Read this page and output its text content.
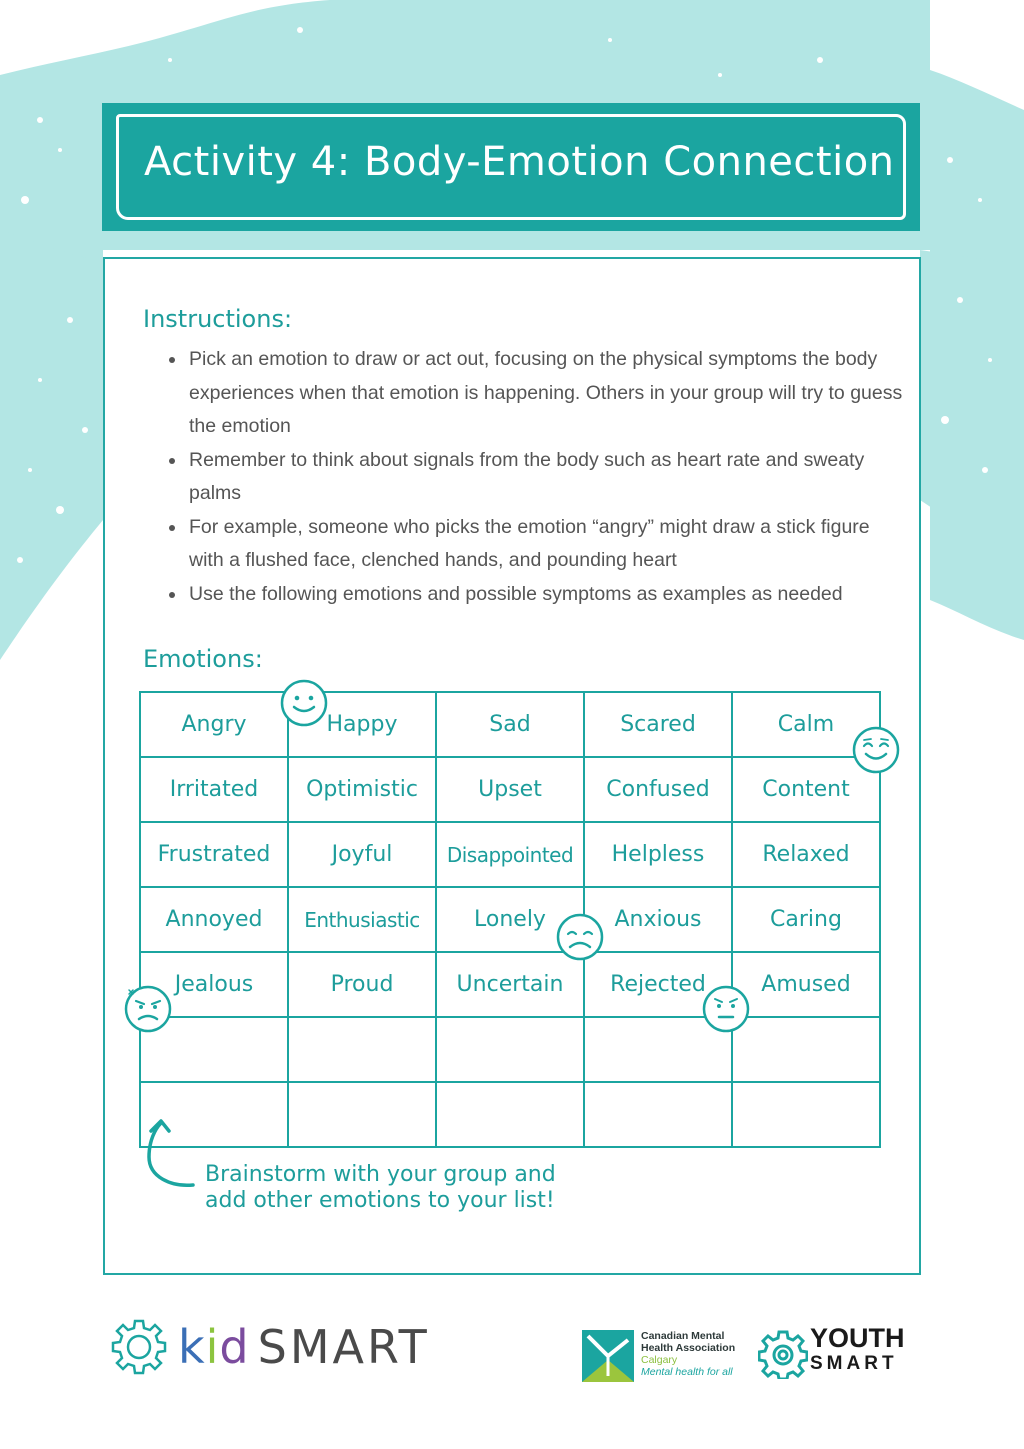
Activity 4: Body-Emotion Connection
Instructions:
• Pick an emotion to draw or act out, focusing on the physical symptoms the body experiences when that emotion is happening. Others in your group will try to guess the emotion
• Remember to think about signals from the body such as heart rate and sweaty palms
• For example, someone who picks the emotion “angry” might draw a stick figure with a flushed face, clenched hands, and pounding heart
• Use the following emotions and possible symptoms as examples as needed
Emotions:
Angry	Happy	Sad	Scared	Calm
Irritated	Optimistic	Upset	Confused	Content
Frustrated	Joyful	Disappointed	Helpless	Relaxed
Annoyed	Enthusiastic	Lonely	Anxious	Caring
Jealous	Proud	Uncertain	Rejected	Amused

Brainstorm with your group and
add other emotions to your list!
kid SMART	Canadian Mental
Health Association
Calgary
Mental health for all
YOUTH
SMART
